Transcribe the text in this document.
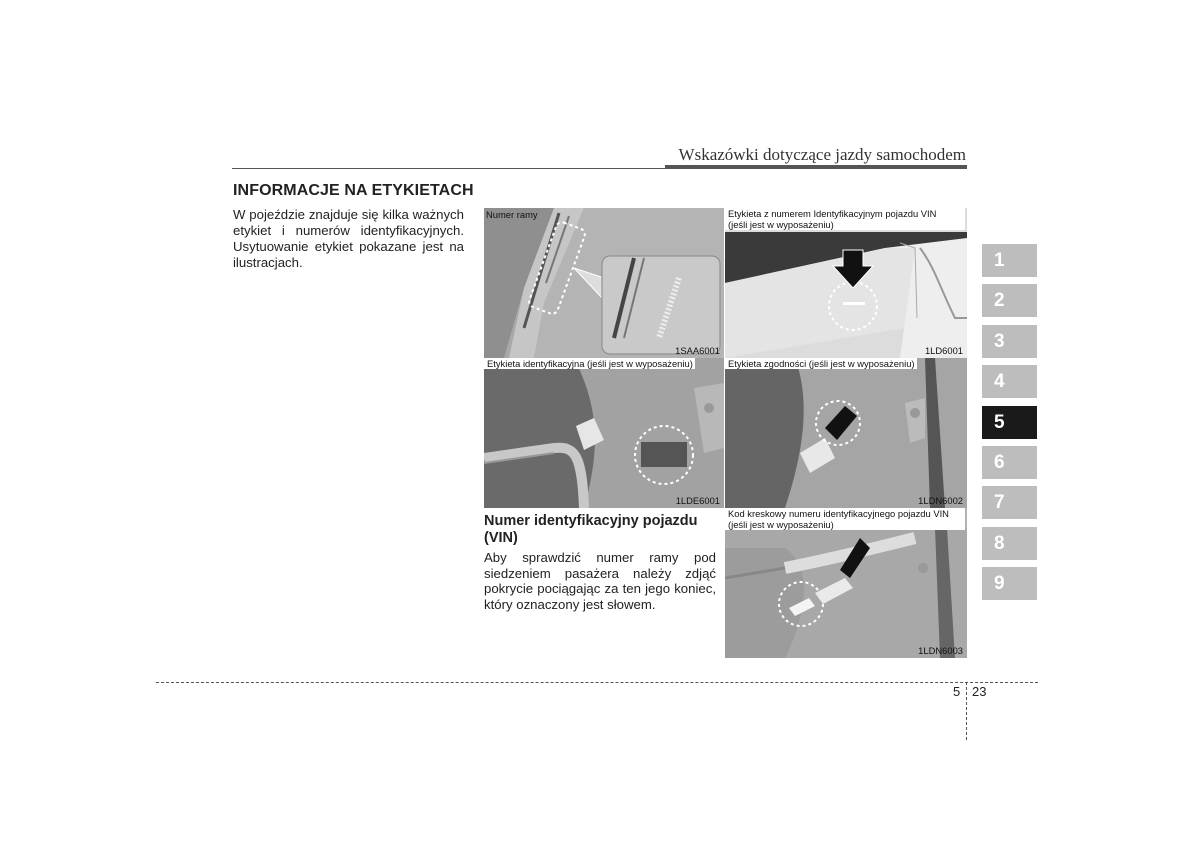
Wskazówki dotyczące jazdy samochodem
INFORMACJE NA ETYKIETACH
W pojeździe znajduje się kilka ważnych etykiet i numerów identyfikacyjnych. Usytuowanie etykiet pokazane jest na ilustracjach.
1SAA6001
Numer ramy	Etykieta z numerem Identyfikacyjnym pojazdu VIN
(jeśli jest w wyposażeniu)
1LD6001
Etykieta identyfikacyjna (jeśli jest w wyposażeniu)
1LDE6001
Etykieta zgodności (jeśli jest w wyposażeniu)
1LDN6002
Kod kreskowy numeru identyfikacyjnego pojazdu VIN
(jeśli jest w wyposażeniu)
1LDN6003
Numer identyfikacyjny pojazdu (VIN)
Aby sprawdzić numer ramy pod siedzeniem pasażera należy zdjąć pokrycie pociągając za ten jego koniec, który oznaczony jest słowem.
1
2
3
4
5
6
7
8
9
5 23
